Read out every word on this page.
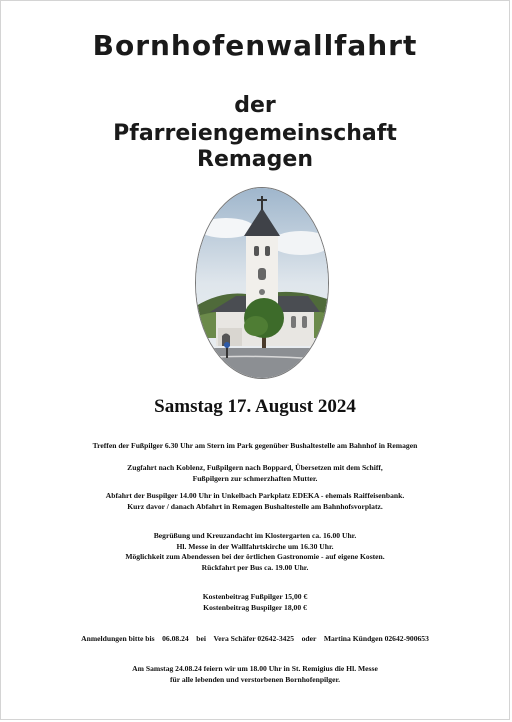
Bornhofenwallfahrt
der
Pfarreiengemeinschaft
Remagen
Samstag 17. August 2024
Treffen der Fußpilger 6.30 Uhr am Stern im Park gegenüber Bushaltestelle am Bahnhof in Remagen
Zugfahrt nach Koblenz, Fußpilgern nach Boppard, Übersetzen mit dem Schiff,
Fußpilgern zur schmerzhaften Mutter.
Abfahrt der Buspilger 14.00 Uhr in Unkelbach Parkplatz EDEKA - ehemals Raiffeisenbank.
Kurz davor / danach Abfahrt in Remagen Bushaltestelle am Bahnhofsvorplatz.
Begrüßung und Kreuzandacht im Klostergarten ca. 16.00 Uhr.
Hl. Messe in der Wallfahrtskirche um 16.30 Uhr.
Möglichkeit zum Abendessen bei der örtlichen Gastronomie - auf eigene Kosten.
Rückfahrt per Bus ca. 19.00 Uhr.
Kostenbeitrag Fußpilger 15,00 €
Kostenbeitrag Buspilger 18,00 €
Anmeldungen bitte bis    06.08.24    bei    Vera Schäfer 02642-3425    oder    Martina Kündgen 02642-900653
Am Samstag 24.08.24 feiern wir um 18.00 Uhr in St. Remigius die Hl. Messe
für alle lebenden und verstorbenen Bornhofenpilger.
